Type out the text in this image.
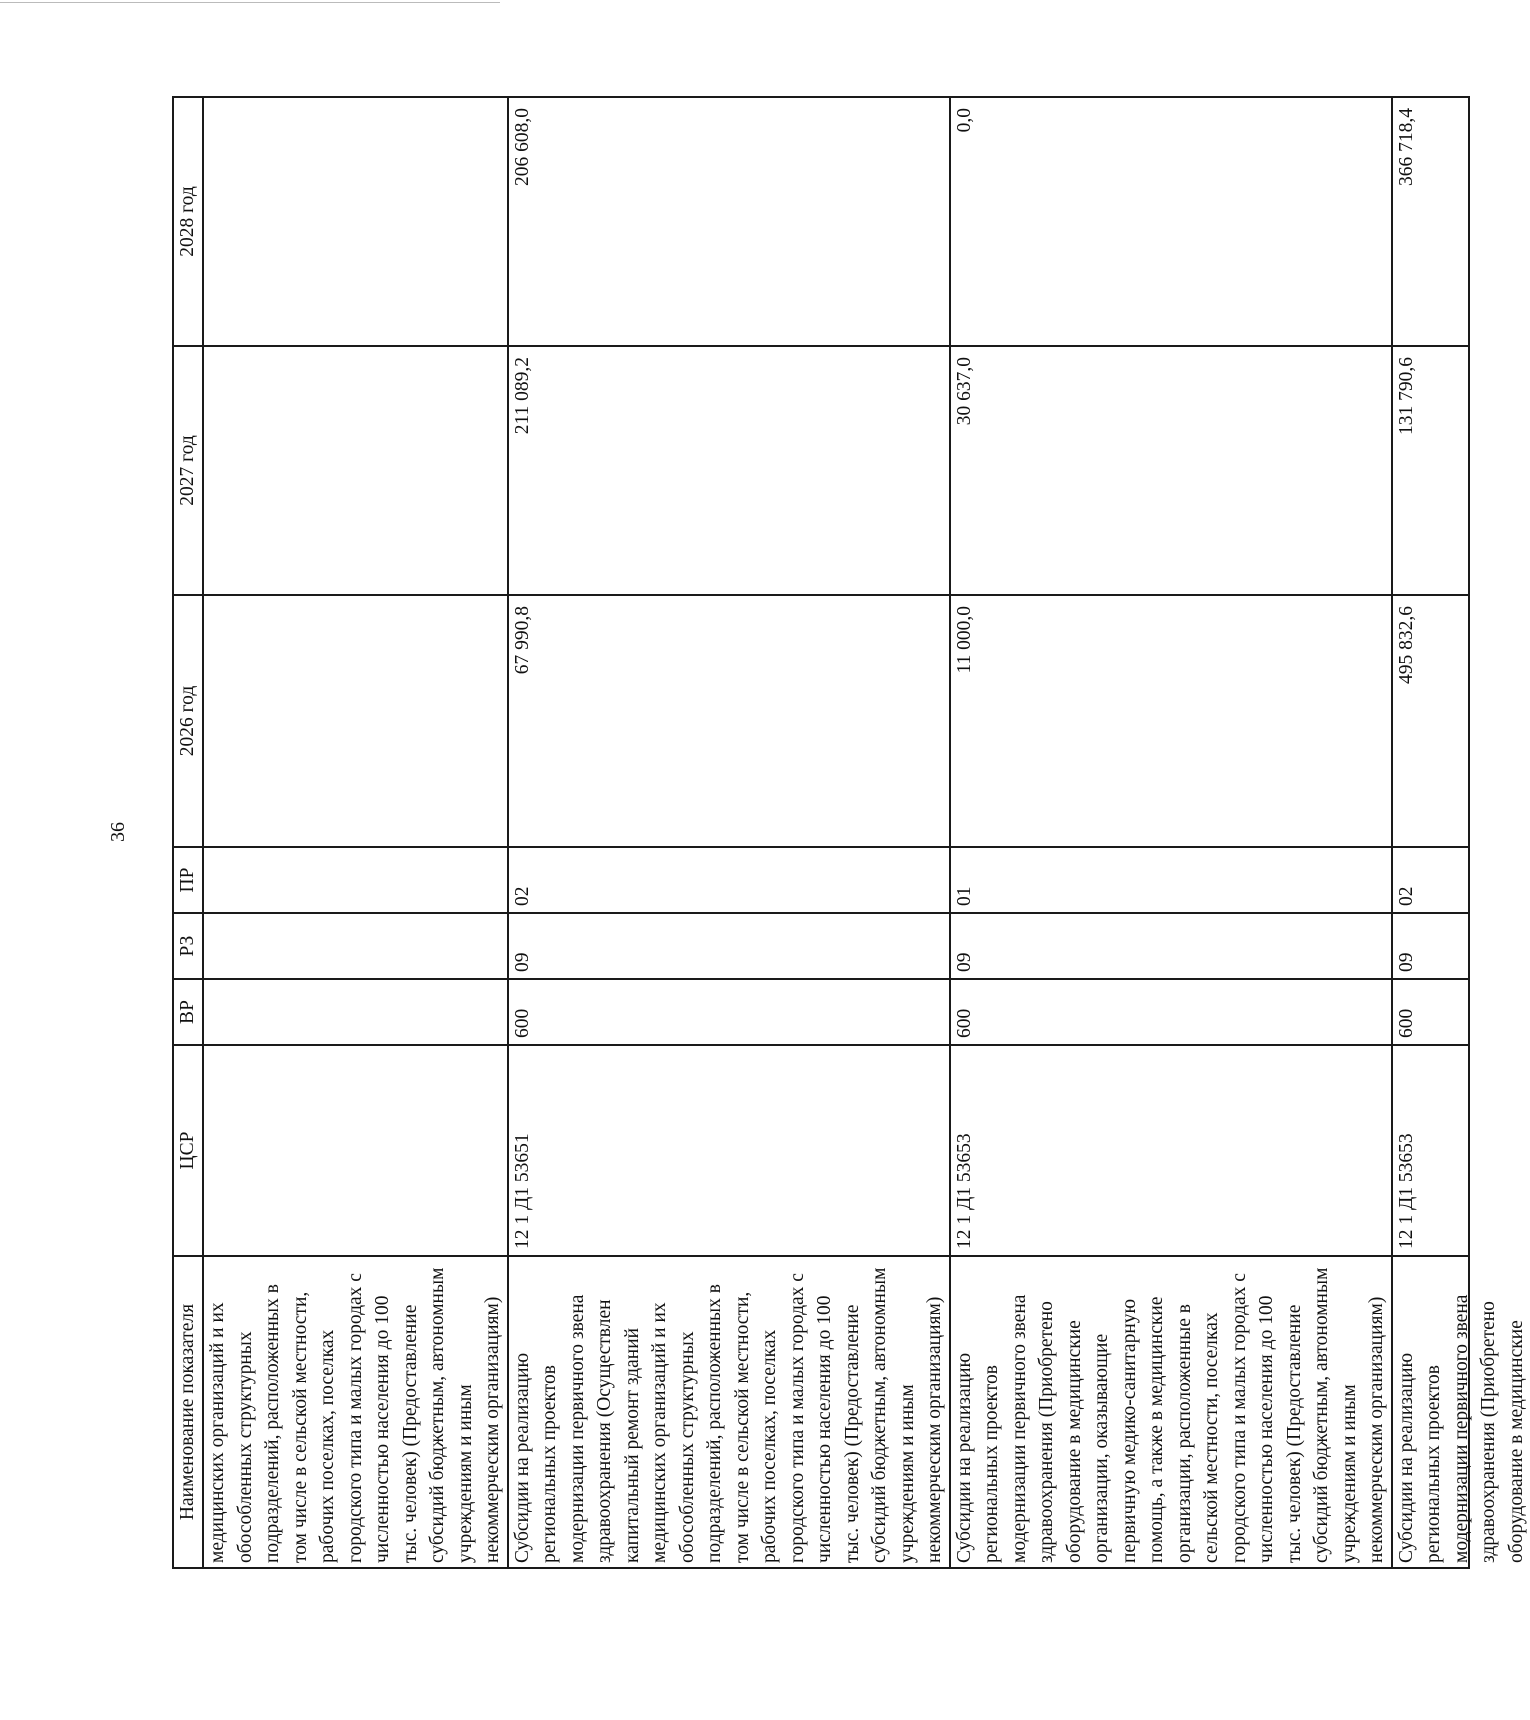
36
Наименование показателя	ЦСР	ВР	РЗ	ПР	2026 год	2027 год	2028 год
медицинских организаций и их обособленных структурных подразделений, расположенных в том числе в сельской местности, рабочих поселках, поселках городского типа и малых городах с численностью населения до 100 тыс. человек) (Предоставление субсидий бюджетным, автономным учреждениям и иным некоммерческим организациям)							
Субсидии на реализацию региональных проектов модернизации первичного звена здравоохранения (Осуществлен капитальный ремонт зданий медицинских организаций и их обособленных структурных подразделений, расположенных в том числе в сельской местности, рабочих поселках, поселках городского типа и малых городах с численностью населения до 100 тыс. человек) (Предоставление субсидий бюджетным, автономным учреждениям и иным некоммерческим организациям)	12 1 Д1 53651	600	09	02	67 990,8	211 089,2	206 608,0
Субсидии на реализацию региональных проектов модернизации первичного звена здравоохранения (Приобретено оборудование в медицинские организации, оказывающие первичную медико-санитарную помощь, а также в медицинские организации, расположенные в сельской местности, поселках городского типа и малых городах с численностью населения до 100 тыс. человек) (Предоставление субсидий бюджетным, автономным учреждениям и иным некоммерческим организациям)	12 1 Д1 53653	600	09	01	11 000,0	30 637,0	0,0

Субсидии на реализацию региональных проектов модернизации первичного звена здравоохранения (Приобретено оборудование в медицинские	12 1 Д1 53653	600	09	02	495 832,6	131 790,6	366 718,4
